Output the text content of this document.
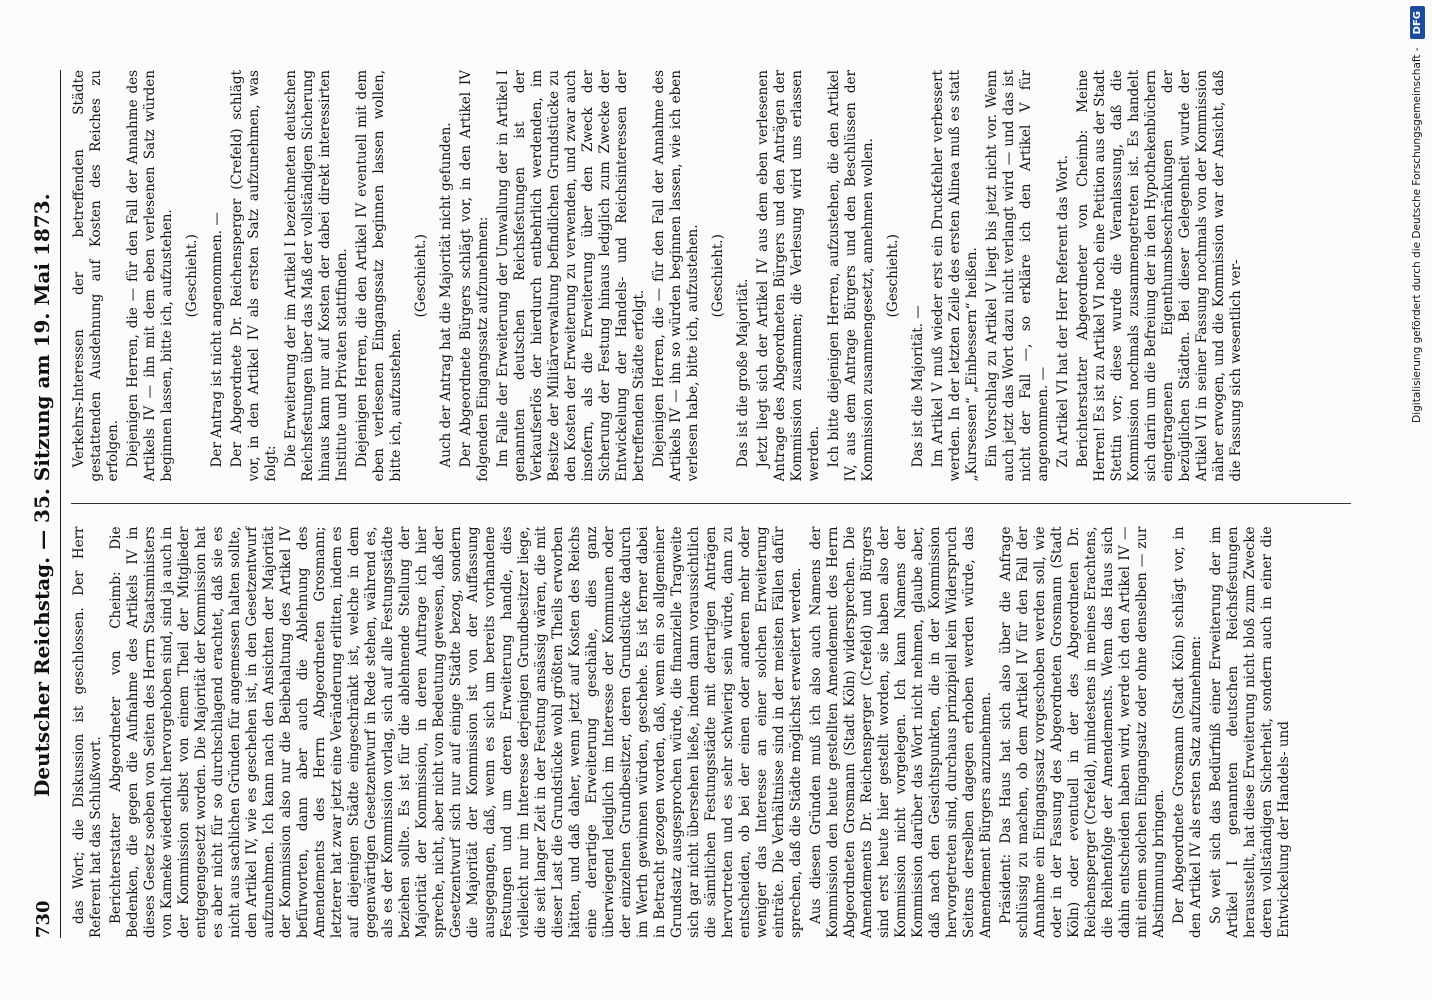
730
Deutscher Reichstag. — 35. Sitzung am 19. Mai 1873. das Wort; die Diskussion ist geschlossen. Der Herr Referent hat das Schlußwort. Berichterstatter Abgeordneter von Cheimb: Die Bedenken, die gegen die Aufnahme des Artikels IV in dieses Gesetz soeben von Seiten des Herrn Staatsministers von Kameke wiederholt hervorgehoben sind, sind ja auch in der Kommission selbst von einem Theil der Mitglieder entgegengesetzt worden. Die Majorität der Kommission hat es aber nicht für so durchschlagend erachtet, daß sie es nicht aus sachlichen Gründen für angemessen halten sollte, den Artikel IV, wie es geschehen ist, in den Gesetzentwurf aufzunehmen. Ich kann nach den Ansichten der Majorität der Kommission also nur die Beibehaltung des Artikel IV befürworten, dann aber auch die Ablehnung des Amendements des Herrn Abgeordneten Grosmann; letzterer hat zwar jetzt eine Veränderung erlitten, indem es auf diejenigen Städte eingeschränkt ist, welche in dem gegenwärtigen Gesetzentwurf in Rede stehen, während es, als es der Kommission vorlag, sich auf alle Festungsstädte beziehen sollte. Es ist für die ablehnende Stellung der Majorität der Kommission, in deren Auftrage ich hier spreche, nicht, aber nicht von Bedeutung gewesen, daß der Gesetzentwurf sich nur auf einige Städte bezog, sondern die Majorität der Kommission ist von der Auffassung ausgegangen, daß, wenn es sich um bereits vorhandene Festungen und um deren Erweiterung handle, dies vielleicht nur im Interesse derjenigen Grundbesitzer liege, die seit langer Zeit in der Festung ansässig wären, die mit dieser Last die Grundstücke wohl größten Theils erworben hätten, und daß daher, wenn jetzt auf Kosten des Reichs eine derartige Erweiterung geschähe, dies ganz überwiegend lediglich im Interesse der Kommunen oder der einzelnen Grundbesitzer, deren Grundstücke dadurch im Werth gewinnen würden, geschehe. Es ist ferner dabei in Betracht gezogen worden, daß, wenn ein so allgemeiner Grundsatz ausgesprochen würde, die finanzielle Tragweite sich gar nicht übersehen ließe, indem dann voraussichtlich die sämtlichen Festungsstädte mit derartigen Anträgen hervortreten und es sehr schwierig sein würde, dann zu entscheiden, ob bei der einen oder anderen mehr oder weniger das Interesse an einer solchen Erweiterung einträte. Die Verhältnisse sind in der meisten Fällen dafür sprechen, daß die Städte möglichst erweitert werden. Aus diesen Gründen muß ich also auch Namens der Kommission den heute gestellten Amendement des Herrn Abgeordneten Grosmann (Stadt Köln) widersprechen. Die Amendements Dr. Reichensperger (Crefeld) und Bürgers sind erst heute hier gestellt worden, sie haben also der Kommission nicht vorgelegen. Ich kann Namens der Kommission darüber das Wort nicht nehmen, glaube aber, daß nach den Gesichtspunkten, die in der Kommission hervorgetreten sind, durchaus prinzipiell kein Widerspruch Seitens derselben dagegen erhoben werden würde, das Amendement Bürgers anzunehmen. Präsident: Das Haus hat sich also über die Anfrage schlüssig zu machen, ob dem Artikel IV für den Fall der Annahme ein Eingangssatz vorgeschoben werden soll, wie oder in der Fassung des Abgeordneten Grosmann (Stadt Köln) oder eventuell in der des Abgeordneten Dr. Reichensperger (Crefeld), mindestens in meines Erachtens, die Reihenfolge der Amendements. Wenn das Haus sich dahin entscheiden haben wird, werde ich den Artikel IV — mit einem solchen Eingangsatz oder ohne denselben — zur Abstimmung bringen. Der Abgeordnete Grosmann (Stadt Köln) schlägt vor, in den Artikel IV als ersten Satz aufzunehmen: So weit sich das Bedürfniß einer Erweiterung der im Artikel I genannten deutschen Reichsfestungen herausstellt, hat diese Erweiterung nicht bloß zum Zwecke deren vollständigen Sicherheit, sondern auch in einer die Entwickelung der Handels- und

Verkehrs-Interessen der betreffenden Städte gestattenden Ausdehnung auf Kosten des Reiches zu erfolgen. Diejenigen Herren, die — für den Fall der Annahme des Artikels IV — ihn mit dem eben verlesenen Satz würden beginnen lassen, bitte ich, aufzustehen. (Geschieht.) Der Antrag ist nicht angenommen. — Der Abgeordnete Dr. Reichensperger (Crefeld) schlägt vor, in den Artikel IV als ersten Satz aufzunehmen, was folgt: Die Erweiterung der im Artikel I bezeichneten deutschen Reichsfestungen über das Maß der vollständigen Sicherung hinaus kann nur auf Kosten der dabei direkt interessirten Institute und Privaten stattfinden. Diejenigen Herren, die den Artikel IV eventuell mit dem eben verlesenen Eingangssatz beginnen lassen wollen, bitte ich, aufzustehen.

(Geschieht.) Auch der Antrag hat die Majorität nicht gefunden. Der Abgeordnete Bürgers schlägt vor, in den Artikel IV folgenden Eingangssatz aufzunehmen: Im Falle der Erweiterung der Umwallung der in Artikel I genannten deutschen Reichsfestungen ist der Verkaufserlös der hierdurch entbehrlich werdenden, im Besitze der Militärverwaltung befindlichen Grundstücke zu den Kosten der Erweiterung zu verwenden, und zwar auch insofern, als die Erweiterung über den Zweck der Sicherung der Festung hinaus lediglich zum Zwecke der Entwickelung der Handels- und Reichsinteressen der betreffenden Städte erfolgt. Diejenigen Herren, die — für den Fall der Annahme des Artikels IV — ihn so würden beginnen lassen, wie ich eben verlesen habe, bitte ich, aufzustehen. (Geschieht.)

Das ist die große Majorität. Jetzt liegt sich der Artikel IV aus dem eben verlesenen Antrage des Abgeordneten Bürgers und den Anträgen der Kommission zusammen; die Verlesung wird uns erlassen werden. Ich bitte diejenigen Herren, aufzustehen, die den Artikel IV, aus dem Antrage Bürgers und den Beschlüssen der Kommission zusammengesetzt, annehmen wollen. (Geschieht.)

Das ist die Majorität. — Im Artikel V muß wieder erst ein Druckfehler verbessert werden. In der letzten Zeile des ersten Alinea muß es statt „Kursessen“ „Einbessern“ heißen. Ein Vorschlag zu Artikel V liegt bis jetzt nicht vor. Wenn auch jetzt das Wort dazu nicht verlangt wird — und das ist nicht der Fall —, so erkläre ich den Artikel V für angenommen. — Zu Artikel VI hat der Herr Referent das Wort. Berichterstatter Abgeordneter von Cheimb: Meine Herren! Es ist zu Artikel VI noch eine Petition aus der Stadt Stettin vor; diese wurde die Veranlassung, daß die Kommission nochmals zusammengetreten ist. Es handelt sich darin um die Befreiung der in den Hypothekenbüchern eingetragenen Eigenthumsbeschränkungen der bezüglichen Städten. Bei dieser Gelegenheit wurde der Artikel VI in seiner Fassung nochmals von der Kommission näher erwogen, und die Kommission war der Ansicht, daß die Fassung sich wesentlich ver-	Digitalisierung gefördert durch die Deutsche Forschungsgemeinschaft -
DFG
